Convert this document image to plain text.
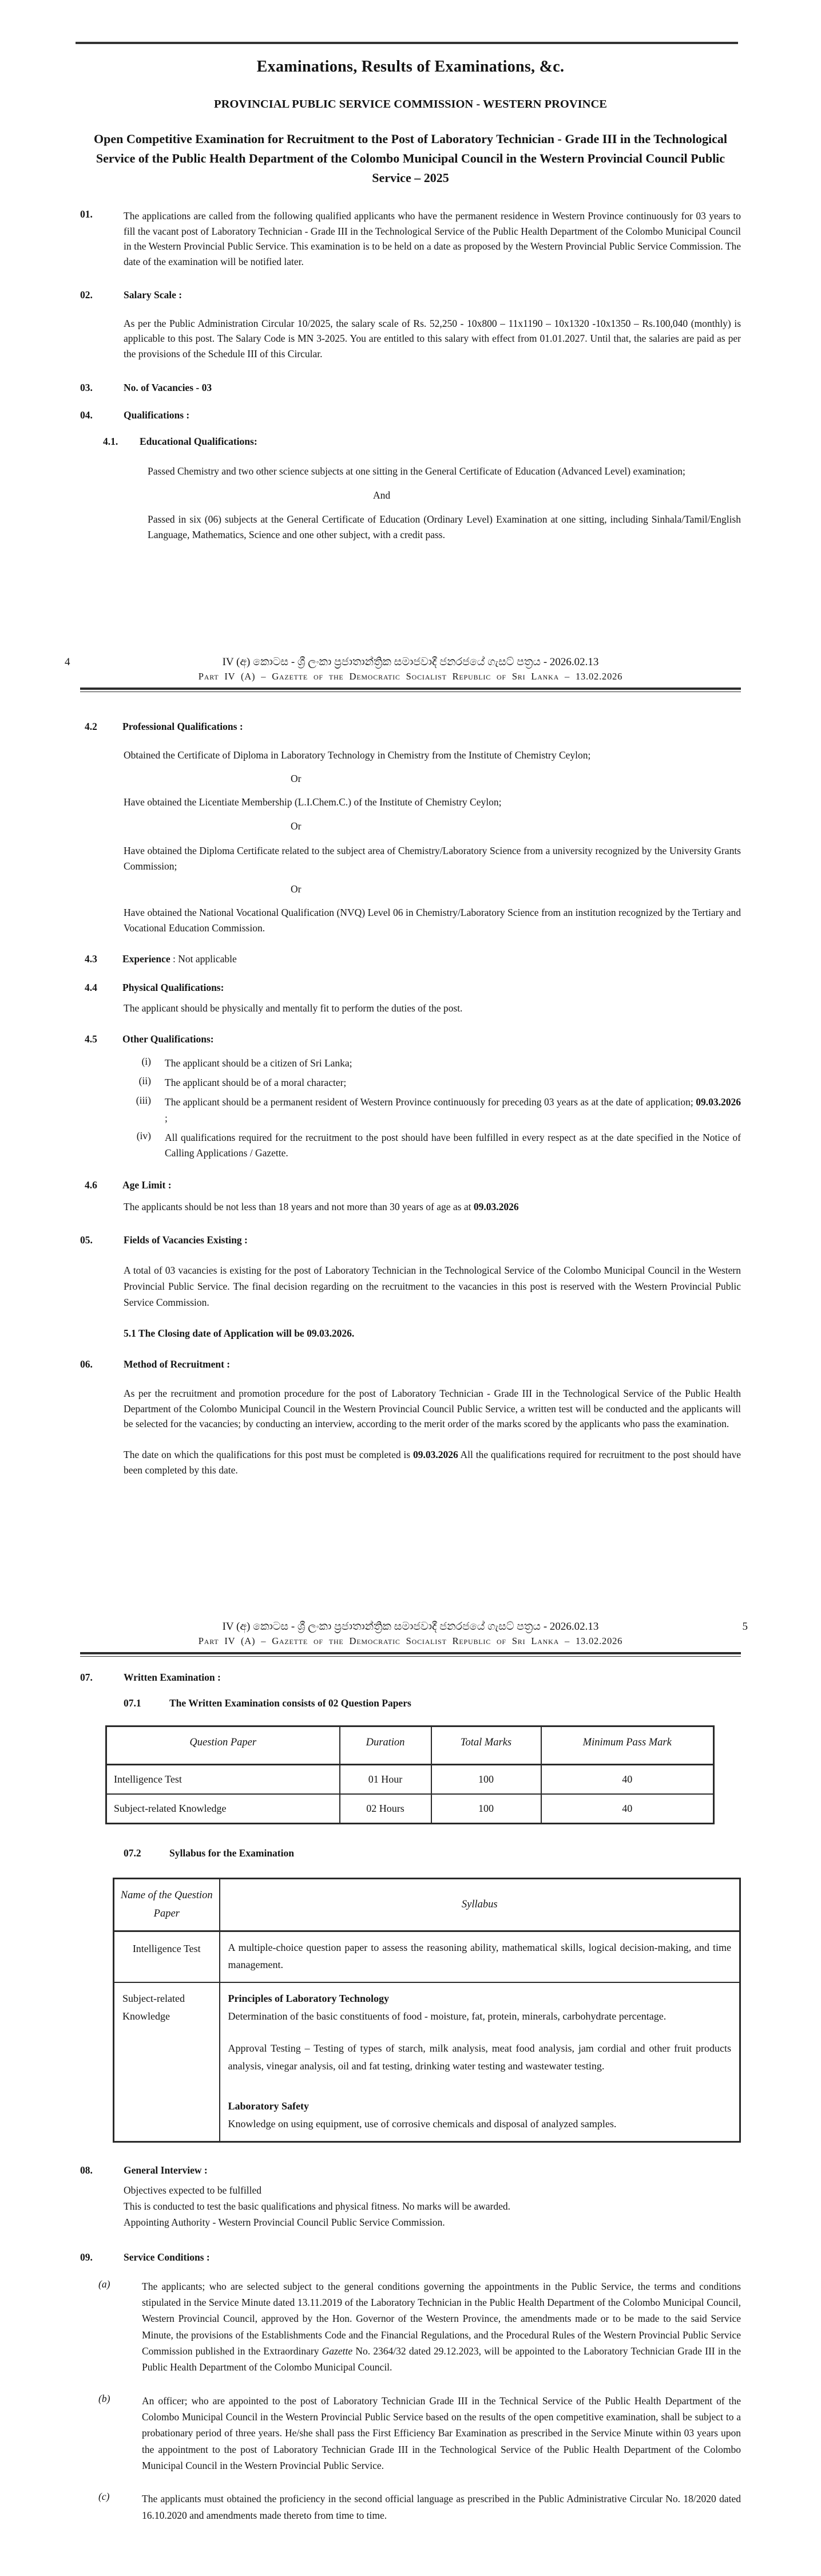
Examinations, Results of Examinations, &c.
PROVINCIAL PUBLIC SERVICE COMMISSION - WESTERN PROVINCE
Open Competitive Examination for Recruitment to the Post of Laboratory Technician - Grade III in the Technological Service of the Public Health Department of the Colombo Municipal Council in the Western Provincial Council Public Service – 2025
01.	The applications are called from the following qualified applicants who have the permanent residence in Western Province continuously for 03 years to fill the vacant post of Laboratory Technician - Grade III in the Technological Service of the Public Health Department of the Colombo Municipal Council in the Western Provincial Public Service. This examination is to be held on a date as proposed by the Western Provincial Public Service Commission. The date of the examination will be notified later.
02.	Salary Scale :
As per the Public Administration Circular 10/2025, the salary scale of Rs. 52,250 - 10x800 – 11x1190 – 10x1320 -10x1350 – Rs.100,040 (monthly) is applicable to this post. The Salary Code is MN 3-2025. You are entitled to this salary with effect from 01.01.2027. Until that, the salaries are paid as per the provisions of the Schedule III of this Circular.
03.	No. of Vacancies - 03
04.	Qualifications :
4.1.	Educational Qualifications:
Passed Chemistry and two other science subjects at one sitting in the General Certificate of Education (Advanced Level) examination;
And
Passed in six (06) subjects at the General Certificate of Education (Ordinary Level) Examination at one sitting, including Sinhala/Tamil/English Language, Mathematics, Science and one other subject, with a credit pass.
4	IV (අ) කොටස - ශ්‍රී ලංකා ප්‍රජාතාන්ත්‍රික සමාජවාදී ජනරජයේ ගැසට් පත්‍රය - 2026.02.13
Part IV (A) – Gazette of the Democratic Socialist Republic of Sri Lanka – 13.02.2026
4.2	Professional Qualifications :
Obtained the Certificate of Diploma in Laboratory Technology in Chemistry from the Institute of Chemistry Ceylon;
Or
Have obtained the Licentiate Membership (L.I.Chem.C.) of the Institute of Chemistry Ceylon;
Or
Have obtained the Diploma Certificate related to the subject area of Chemistry/Laboratory Science from a university recognized by the University Grants Commission;
Or
Have obtained the National Vocational Qualification (NVQ) Level 06 in Chemistry/Laboratory Science from an institution recognized by the Tertiary and Vocational Education Commission.
4.3	Experience : Not applicable
4.4	Physical Qualifications:
The applicant should be physically and mentally fit to perform the duties of the post.
4.5	Other Qualifications:
(i) The applicant should be a citizen of Sri Lanka;
(ii) The applicant should be of a moral character;
(iii) The applicant should be a permanent resident of Western Province continuously for preceding 03 years as at the date of application; 09.03.2026 ;
(iv) All qualifications required for the recruitment to the post should have been fulfilled in every respect as at the date specified in the Notice of Calling Applications / Gazette.
4.6	Age Limit :
The applicants should be not less than 18 years and not more than 30 years of age as at 09.03.2026
05.	Fields of Vacancies Existing :
A total of 03 vacancies is existing for the post of Laboratory Technician in the Technological Service of the Colombo Municipal Council in the Western Provincial Public Service. The final decision regarding on the recruitment to the vacancies in this post is reserved with the Western Provincial Public Service Commission.
5.1 The Closing date of Application will be 09.03.2026.
06.	Method of Recruitment :
As per the recruitment and promotion procedure for the post of Laboratory Technician - Grade III in the Technological Service of the Public Health Department of the Colombo Municipal Council in the Western Provincial Council Public Service, a written test will be conducted and the applicants will be selected for the vacancies; by conducting an interview, according to the merit order of the marks scored by the applicants who pass the examination.
The date on which the qualifications for this post must be completed is 09.03.2026 All the qualifications required for recruitment to the post should have been completed by this date.
5
IV (අ) කොටස - ශ්‍රී ලංකා ප්‍රජාතාන්ත්‍රික සමාජවාදී ජනරජයේ ගැසට් පත්‍රය - 2026.02.13
Part IV (A) – Gazette of the Democratic Socialist Republic of Sri Lanka – 13.02.2026
07.	Written Examination :
07.1	The Written Examination consists of 02 Question Papers
Question Paper	Duration	Total Marks	Minimum Pass Mark
Intelligence Test	01 Hour	100	40
Subject-related Knowledge	02 Hours	100	40
07.2	Syllabus for the Examination
Name of the Question Paper	Syllabus
Intelligence Test	A multiple-choice question paper to assess the reasoning ability, mathematical skills, logical decision-making, and time management.

Subject-related Knowledge	Principles of Laboratory Technology
Determination of the basic constituents of food - moisture, fat, protein, minerals, carbohydrate percentage.
Approval Testing – Testing of types of starch, milk analysis, meat food analysis, jam cordial and other fruit products analysis, vinegar analysis, oil and fat testing, drinking water testing and wastewater testing.
Laboratory Safety
Knowledge on using equipment, use of corrosive chemicals and disposal of analyzed samples.
08.	General Interview :
Objectives expected to be fulfilled
This is conducted to test the basic qualifications and physical fitness. No marks will be awarded.
Appointing Authority - Western Provincial Council Public Service Commission.
09.	Service Conditions :
(a)	The applicants; who are selected subject to the general conditions governing the appointments in the Public Service, the terms and conditions stipulated in the Service Minute dated 13.11.2019 of the Laboratory Technician in the Public Health Department of the Colombo Municipal Council, Western Provincial Council, approved by the Hon. Governor of the Western Province, the amendments made or to be made to the said Service Minute, the provisions of the Establishments Code and the Financial Regulations, and the Procedural Rules of the Western Provincial Public Service Commission published in the Extraordinary Gazette No. 2364/32 dated 29.12.2023, will be appointed to the Laboratory Technician Grade III in the Public Health Department of the Colombo Municipal Council.
(b)	An officer; who are appointed to the post of Laboratory Technician Grade III in the Technical Service of the Public Health Department of the Colombo Municipal Council in the Western Provincial Public Service based on the results of the open competitive examination, shall be subject to a probationary period of three years. He/she shall pass the First Efficiency Bar Examination as prescribed in the Service Minute within 03 years upon the appointment to the post of Laboratory Technician Grade III in the Technological Service of the Public Health Department of the Colombo Municipal Council in the Western Provincial Public Service.
(c)	The applicants must obtained the proficiency in the second official language as prescribed in the Public Administrative Circular No. 18/2020 dated 16.10.2020 and amendments made thereto from time to time.
